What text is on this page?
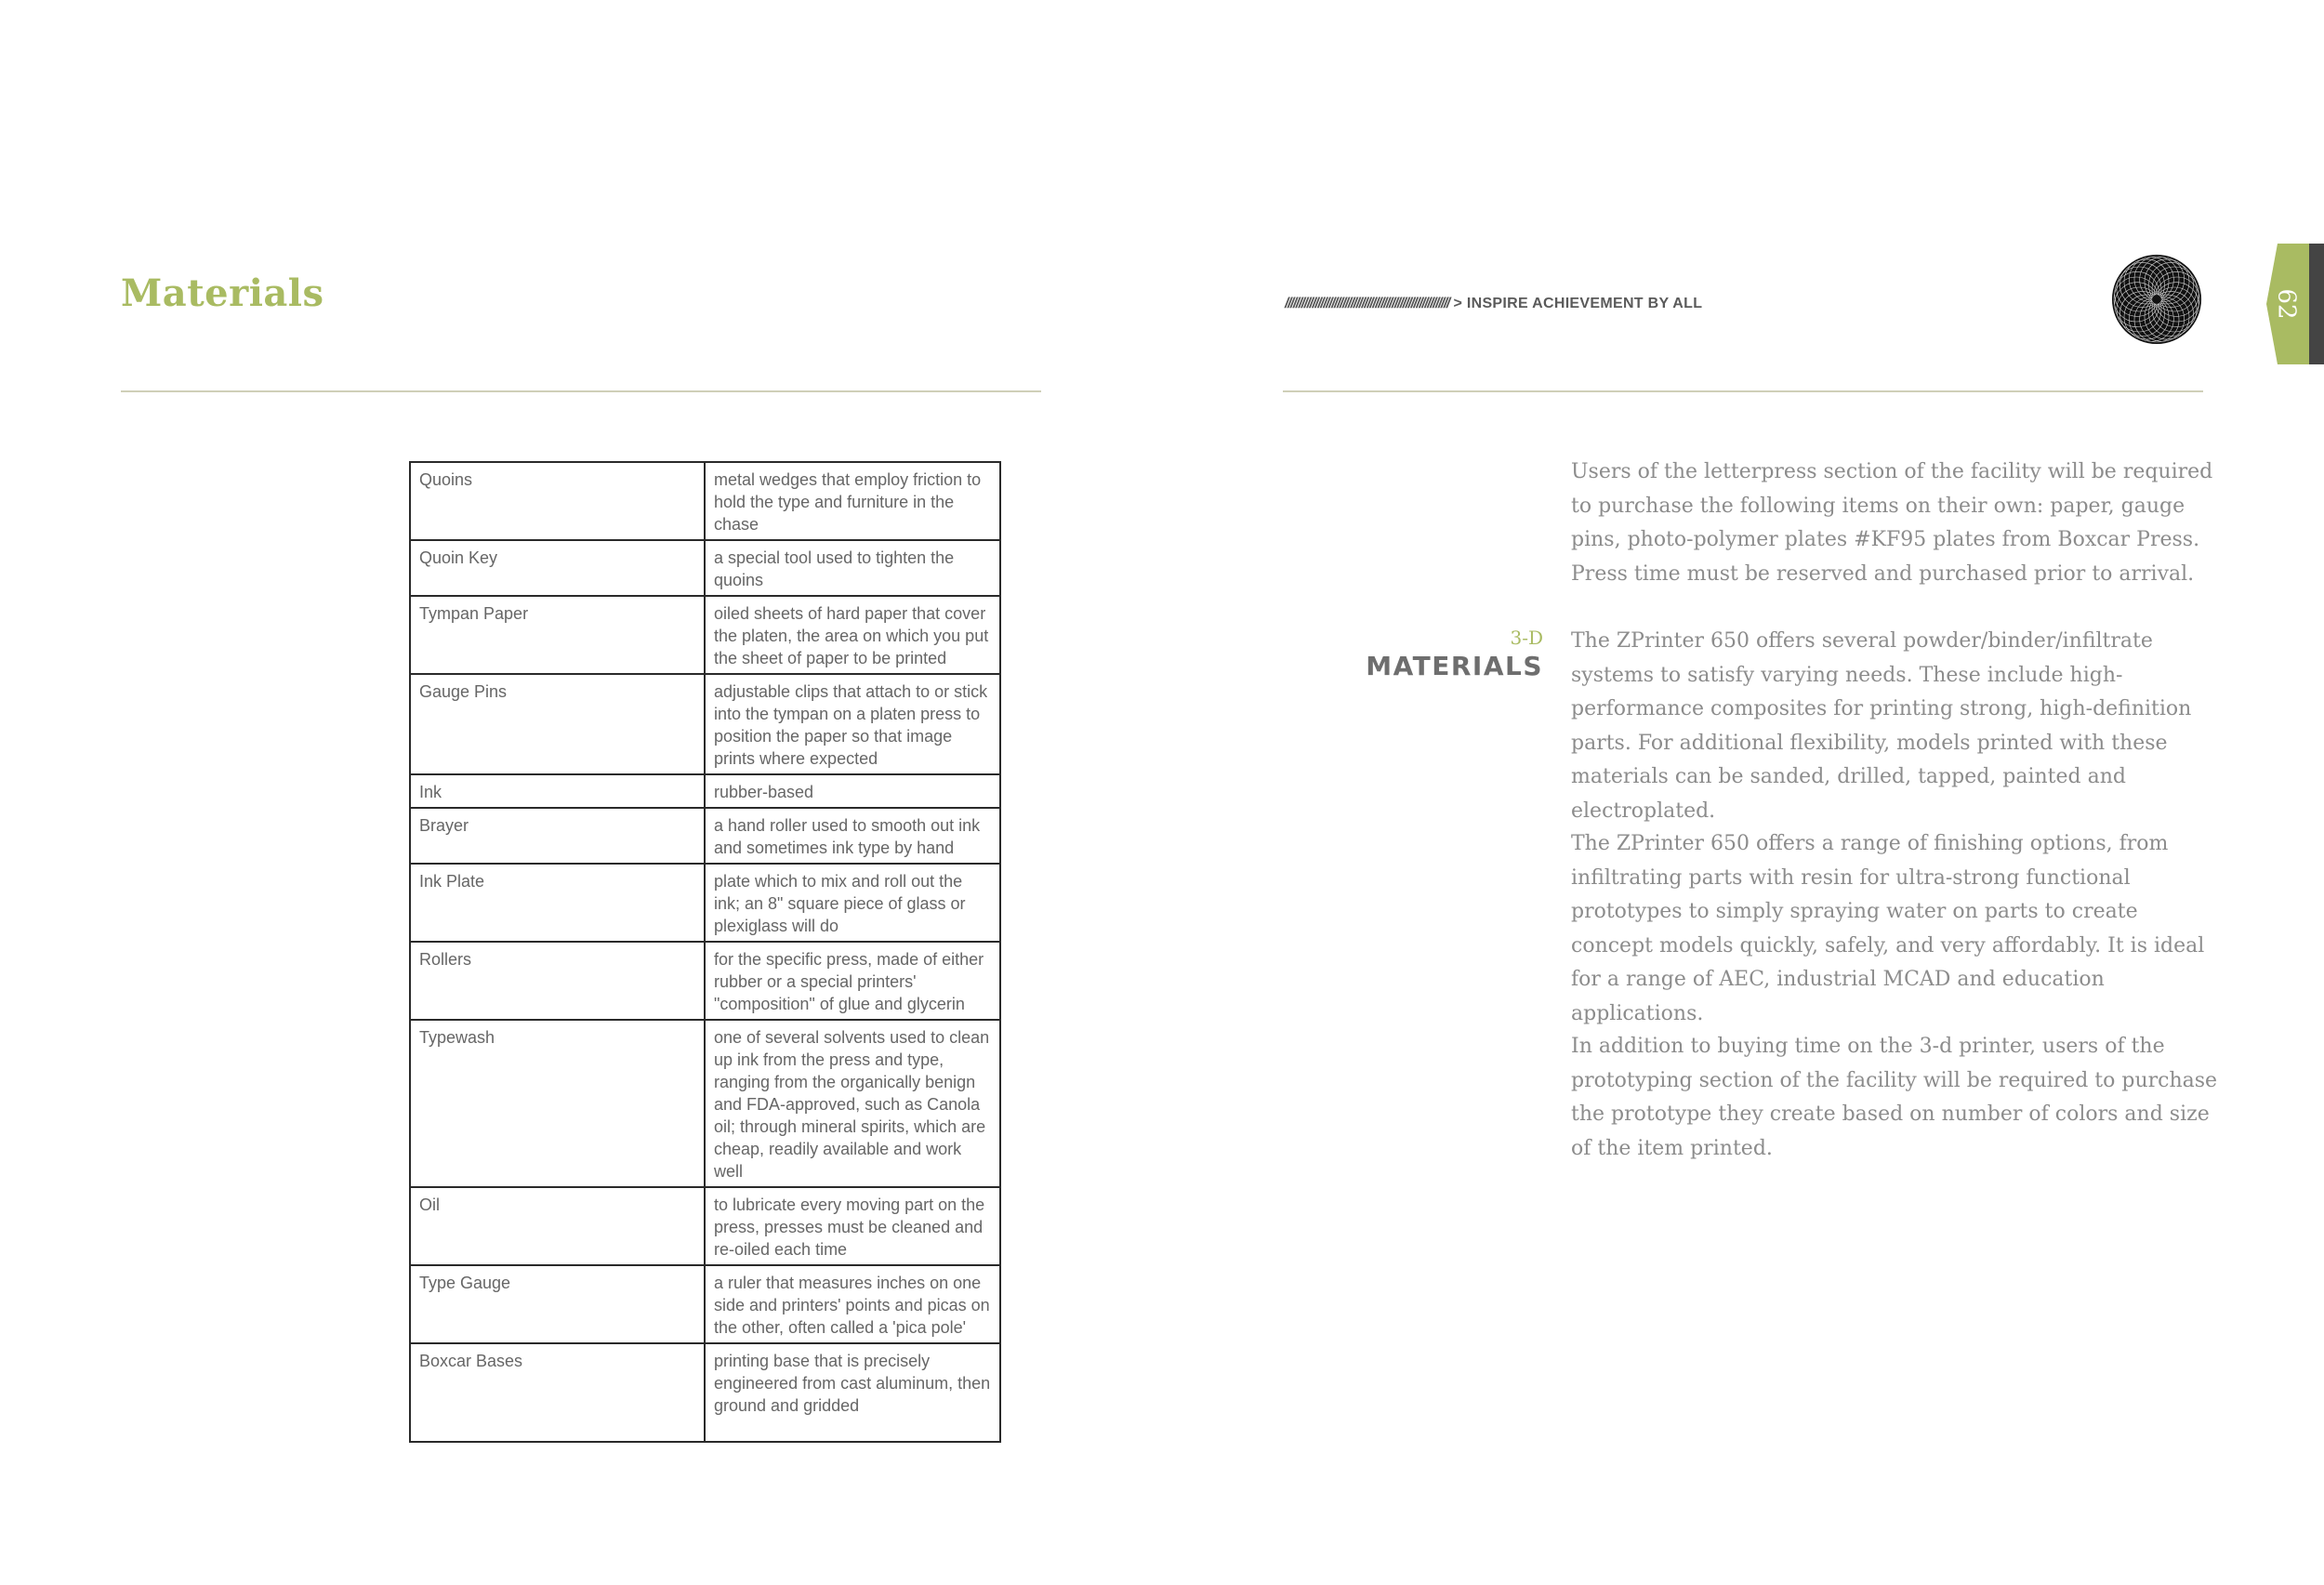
Materials
Quoins	metal wedges that employ friction to hold the type and furniture in the chase
Quoin Key	a special tool used to tighten the quoins
Tympan Paper	oiled sheets of hard paper that cover the platen, the area on which you put the sheet of paper to be printed
Gauge Pins	adjustable clips that attach to or stick into the tympan on a platen press to position the paper so that image prints where expected
Ink	rubber-based
Brayer	a hand roller used to smooth out ink and sometimes ink type by hand
Ink Plate	plate which to mix and roll out the ink; an 8" square piece of glass or plexiglass will do
Rollers	for the specific press, made of either rubber or a special printers' "composition" of glue and glycerin
Typewash	one of several solvents used to clean up ink from the press and type, ranging from the organically benign and FDA-approved, such as Canola oil; through mineral spirits, which are cheap, readily available and work well
Oil	to lubricate every moving part on the press, presses must be cleaned and re-oiled each time
Type Gauge	a ruler that measures inches on one side and printers' points and picas on the other, often called a 'pica pole'
Boxcar Bases	printing base that is precisely engineered from cast aluminum, then ground and gridded
//////////////////////////////////////////////////////////// > INSPIRE ACHIEVEMENT BY ALL	62
3-D
MATERIALS

Users of the letterpress section of the facility will be required to purchase the following items on their own: paper, gauge pins, photo-polymer plates #KF95 plates from Boxcar Press. Press time must be reserved and purchased prior to arrival.

The ZPrinter 650 offers several powder/binder/infiltrate systems to satisfy varying needs. These include high-performance composites for printing strong, high-definition parts. For additional flexibility, models printed with these materials can be sanded, drilled, tapped, painted and electroplated.

The ZPrinter 650 offers a range of finishing options, from infiltrating parts with resin for ultra-strong functional prototypes to simply spraying water on parts to create concept models quickly, safely, and very affordably. It is ideal for a range of AEC, industrial MCAD and education applications.

In addition to buying time on the 3-d printer, users of the prototyping section of the facility will be required to purchase the prototype they create based on number of colors and size of the item printed.
